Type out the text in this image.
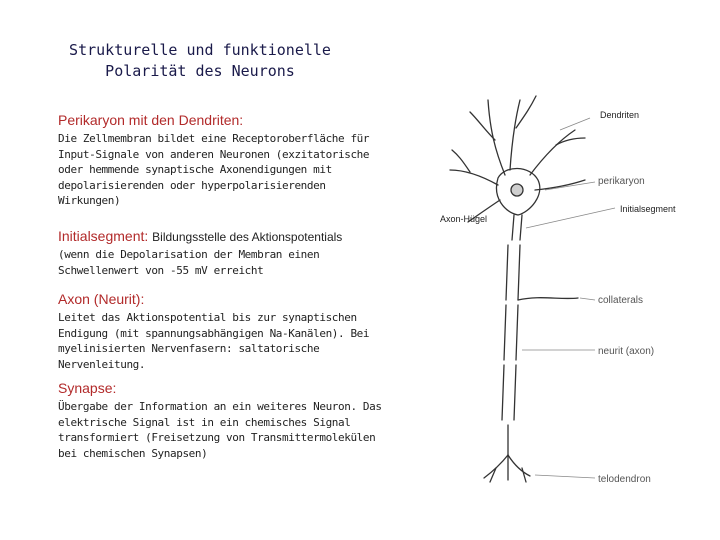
Strukturelle und funktionelle
Polarität des Neurons
Perikaryon mit den Dendriten:
Die Zellmembran bildet eine Receptoroberfläche für Input-Signale von anderen Neuronen (exzitatorische oder hemmende synaptische Axonendigungen mit depolarisierenden oder hyperpolarisierenden Wirkungen)
Initialsegment: Bildungsstelle des Aktionspotentials
(wenn die Depolarisation der Membran einen Schwellenwert von -55 mV erreicht
Axon (Neurit):
Leitet das Aktionspotential bis zur synaptischen Endigung (mit spannungsabhängigen Na-Kanälen). Bei myelinisierten Nervenfasern: saltatorische Nervenleitung.
Synapse:
Übergabe der Information an ein weiteres Neuron. Das elektrische Signal ist in ein chemisches Signal transformiert (Freisetzung von Transmittermolekülen bei chemischen Synapsen)
Dendriten
perikaryon
Initialsegment
Axon-Hügel
collaterals
neurit (axon)
telodendron
